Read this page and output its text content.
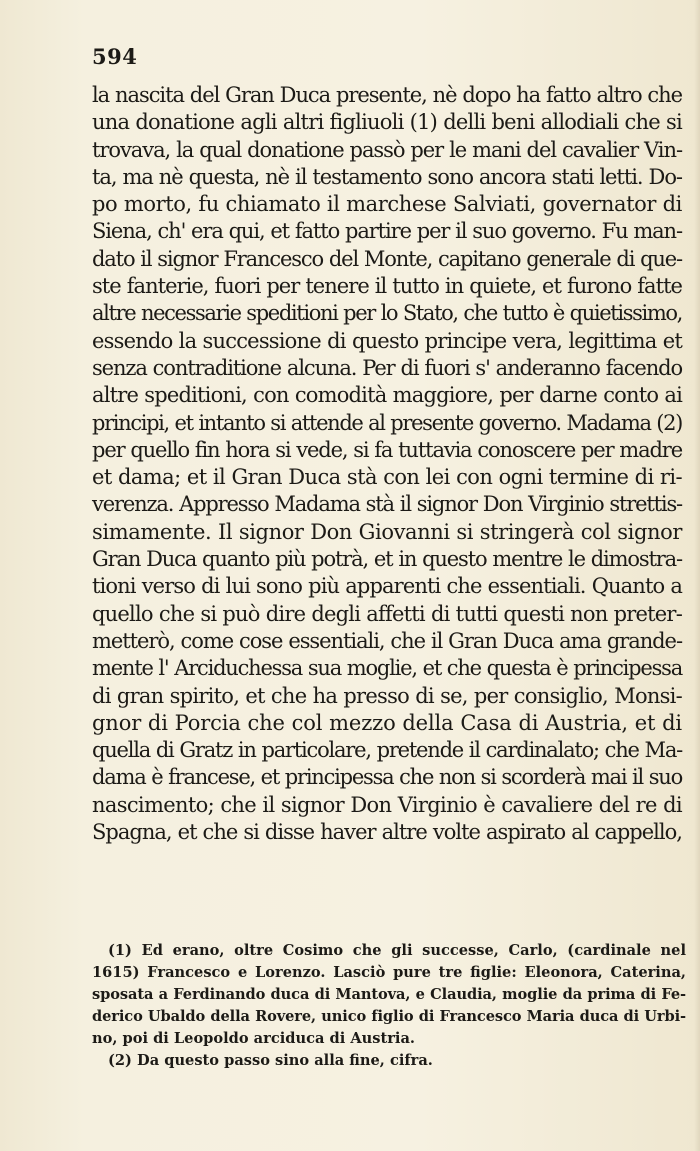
594

la nascita del Gran Duca presente, nè dopo ha fatto altro che
una donatione agli altri figliuoli (1) delli beni allodiali che si
trovava, la qual donatione passò per le mani del cavalier Vin-
ta, ma nè questa, nè il testamento sono ancora stati letti. Do-
po morto, fu chiamato il marchese Salviati, governator di
Siena, ch' era qui, et fatto partire per il suo governo. Fu man-
dato il signor Francesco del Monte, capitano generale di que-
ste fanterie, fuori per tenere il tutto in quiete, et furono fatte
altre necessarie speditioni per lo Stato, che tutto è quietissimo,
essendo la successione di questo principe vera, legittima et
senza contraditione alcuna. Per di fuori s' anderanno facendo
altre speditioni, con comodità maggiore, per darne conto ai
principi, et intanto si attende al presente governo. Madama (2)
per quello fin hora si vede, si fa tuttavia conoscere per madre
et dama; et il Gran Duca stà con lei con ogni termine di ri-
verenza. Appresso Madama stà il signor Don Virginio strettis-
simamente. Il signor Don Giovanni si stringerà col signor
Gran Duca quanto più potrà, et in questo mentre le dimostra-
tioni verso di lui sono più apparenti che essentiali. Quanto a
quello che si può dire degli affetti di tutti questi non preter-
metterò, come cose essentiali, che il Gran Duca ama grande-
mente l' Arciduchessa sua moglie, et che questa è principessa
di gran spirito, et che ha presso di se, per consiglio, Monsi-
gnor di Porcia che col mezzo della Casa di Austria, et di
quella di Gratz in particolare, pretende il cardinalato; che Ma-
dama è francese, et principessa che non si scorderà mai il suo
nascimento; che il signor Don Virginio è cavaliere del re di
Spagna, et che si disse haver altre volte aspirato al cappello,
(1) Ed erano, oltre Cosimo che gli successe, Carlo, (cardinale nel
1615) Francesco e Lorenzo. Lasciò pure tre figlie: Eleonora, Caterina,
sposata a Ferdinando duca di Mantova, e Claudia, moglie da prima di Fe-
derico Ubaldo della Rovere, unico figlio di Francesco Maria duca di Urbi-
no, poi di Leopoldo arciduca di Austria.
(2) Da questo passo sino alla fine, cifra.
